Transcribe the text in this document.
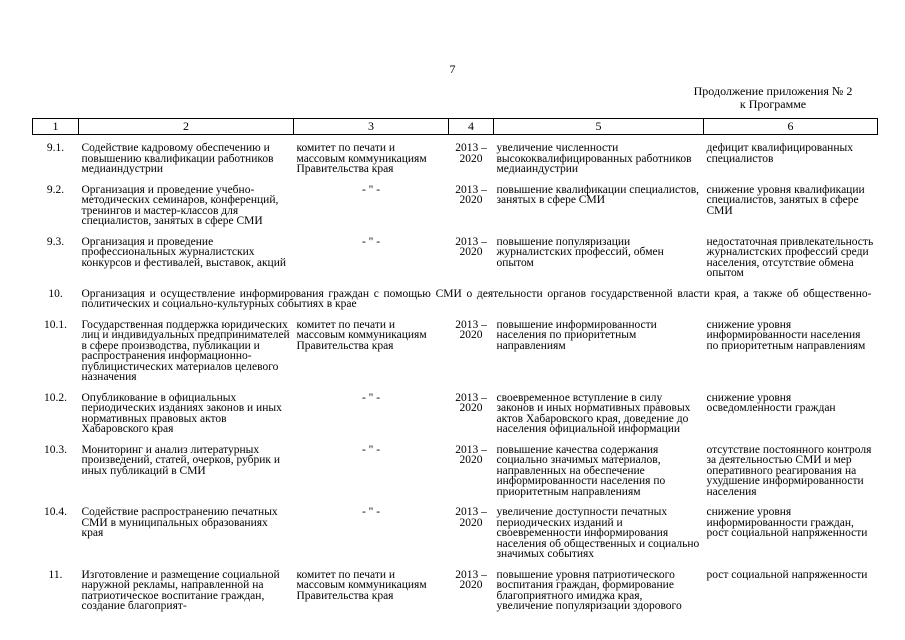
7
Продолжение приложения № 2
к Программе
1	2	3	4	5	6
9.1.	Содействие кадровому обеспечению и повышению квалификации работников медиаиндустрии	комитет по печати и массовым коммуникациям Правительства края	2013 – 2020	увеличение численности высококвалифицированных работников медиаиндустрии	дефицит квалифицированных специалистов
9.2.	Организация и проведение учебно-методических семинаров, конференций, тренингов и мастер-классов для специалистов, занятых в сфере СМИ	- " -	2013 – 2020	повышение квалификации специалистов, занятых в сфере СМИ	снижение уровня квалификации специалистов, занятых в сфере СМИ
9.3.	Организация и проведение профессиональных журналистских конкурсов и фестивалей, выставок, акций	- " -	2013 – 2020	повышение популяризации журналистских профессий, обмен опытом	недостаточная привлекательность журналистских профессий среди населения, отсутствие обмена опытом
10.	Организация и осуществление информирования граждан с помощью СМИ о деятельности органов государственной власти края, а также об общественно-политических и социально-культурных событиях в крае				
10.1.	Государственная поддержка юридических лиц и индивидуальных предпринимателей в сфере производства, публикации и распространения информационно-публицистических материалов целевого назначения	комитет по печати и массовым коммуникациям Правительства края	2013 – 2020	повышение информированности населения по приоритетным направлениям	снижение уровня информированности населения по приоритетным направлениям
10.2.	Опубликование в официальных периодических изданиях законов и иных нормативных правовых актов Хабаровского края	- " -	2013 – 2020	своевременное вступление в силу законов и иных нормативных правовых актов Хабаровского края, доведение до населения официальной информации	снижение уровня осведомленности граждан
10.3.	Мониторинг и анализ литературных произведений, статей, очерков, рубрик и иных публикаций в СМИ	- " -	2013 – 2020	повышение качества содержания социально значимых материалов, направленных на обеспечение информированности населения по приоритетным направлениям	отсутствие постоянного контроля за деятельностью СМИ и мер оперативного реагирования на ухудшение информированности населения
10.4.	Содействие распространению печатных СМИ в муниципальных образованиях края	- " -	2013 – 2020	увеличение доступности печатных периодических изданий и своевременности информирования населения об общественных и социально значимых событиях	снижение уровня информированности граждан, рост социальной напряженности
11.	Изготовление и размещение социальной наружной рекламы, направленной на патриотическое воспитание граждан, создание благоприят-	комитет по печати и массовым коммуникациям Правительства края	2013 – 2020	повышение уровня патриотического воспитания граждан, формирование благоприятного имиджа края, увеличение популяризации здорового	рост социальной напряженности
